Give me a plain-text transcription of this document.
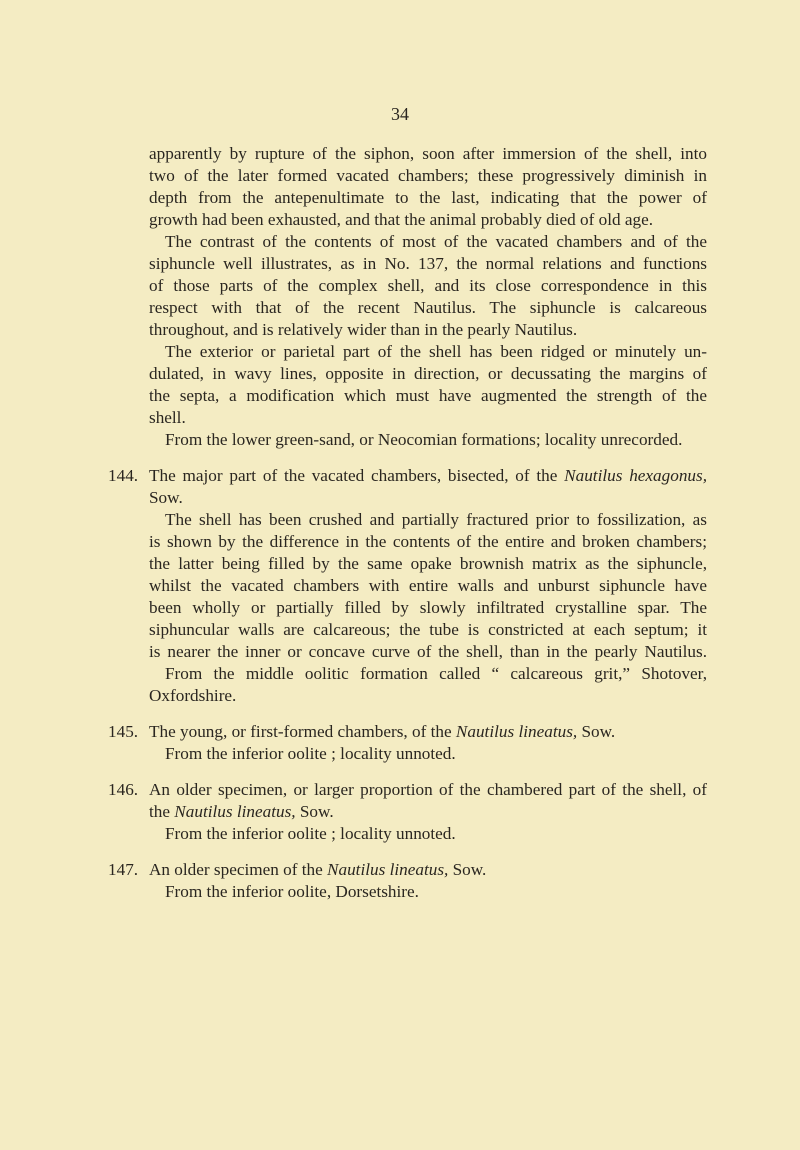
34
apparently by rupture of the siphon, soon after immersion of the shell, into
two of the later formed vacated chambers; these progressively diminish in
depth from the antepenultimate to the last, indicating that the power of
growth had been exhausted, and that the animal probably died of old age.
The contrast of the contents of most of the vacated chambers and of the
siphuncle well illustrates, as in No. 137, the normal relations and functions
of those parts of the complex shell, and its close correspondence in this
respect with that of the recent Nautilus. The siphuncle is calcareous
throughout, and is relatively wider than in the pearly Nautilus.
The exterior or parietal part of the shell has been ridged or minutely un-
dulated, in wavy lines, opposite in direction, or decussating the margins of
the septa, a modification which must have augmented the strength of the
shell.
From the lower green-sand, or Neocomian formations; locality unrecorded.
144. The major part of the vacated chambers, bisected, of the Nautilus hexagonus,
Sow.
The shell has been crushed and partially fractured prior to fossilization, as
is shown by the difference in the contents of the entire and broken chambers;
the latter being filled by the same opake brownish matrix as the siphuncle,
whilst the vacated chambers with entire walls and unburst siphuncle have
been wholly or partially filled by slowly infiltrated crystalline spar. The
siphuncular walls are calcareous; the tube is constricted at each septum; it
is nearer the inner or concave curve of the shell, than in the pearly Nautilus.
From the middle oolitic formation called “ calcareous grit,” Shotover,
Oxfordshire.
145. The young, or first-formed chambers, of the Nautilus lineatus, Sow.
From the inferior oolite ; locality unnoted.
146. An older specimen, or larger proportion of the chambered part of the shell, of
the Nautilus lineatus, Sow.
From the inferior oolite ; locality unnoted.
147. An older specimen of the Nautilus lineatus, Sow.
From the inferior oolite, Dorsetshire.
